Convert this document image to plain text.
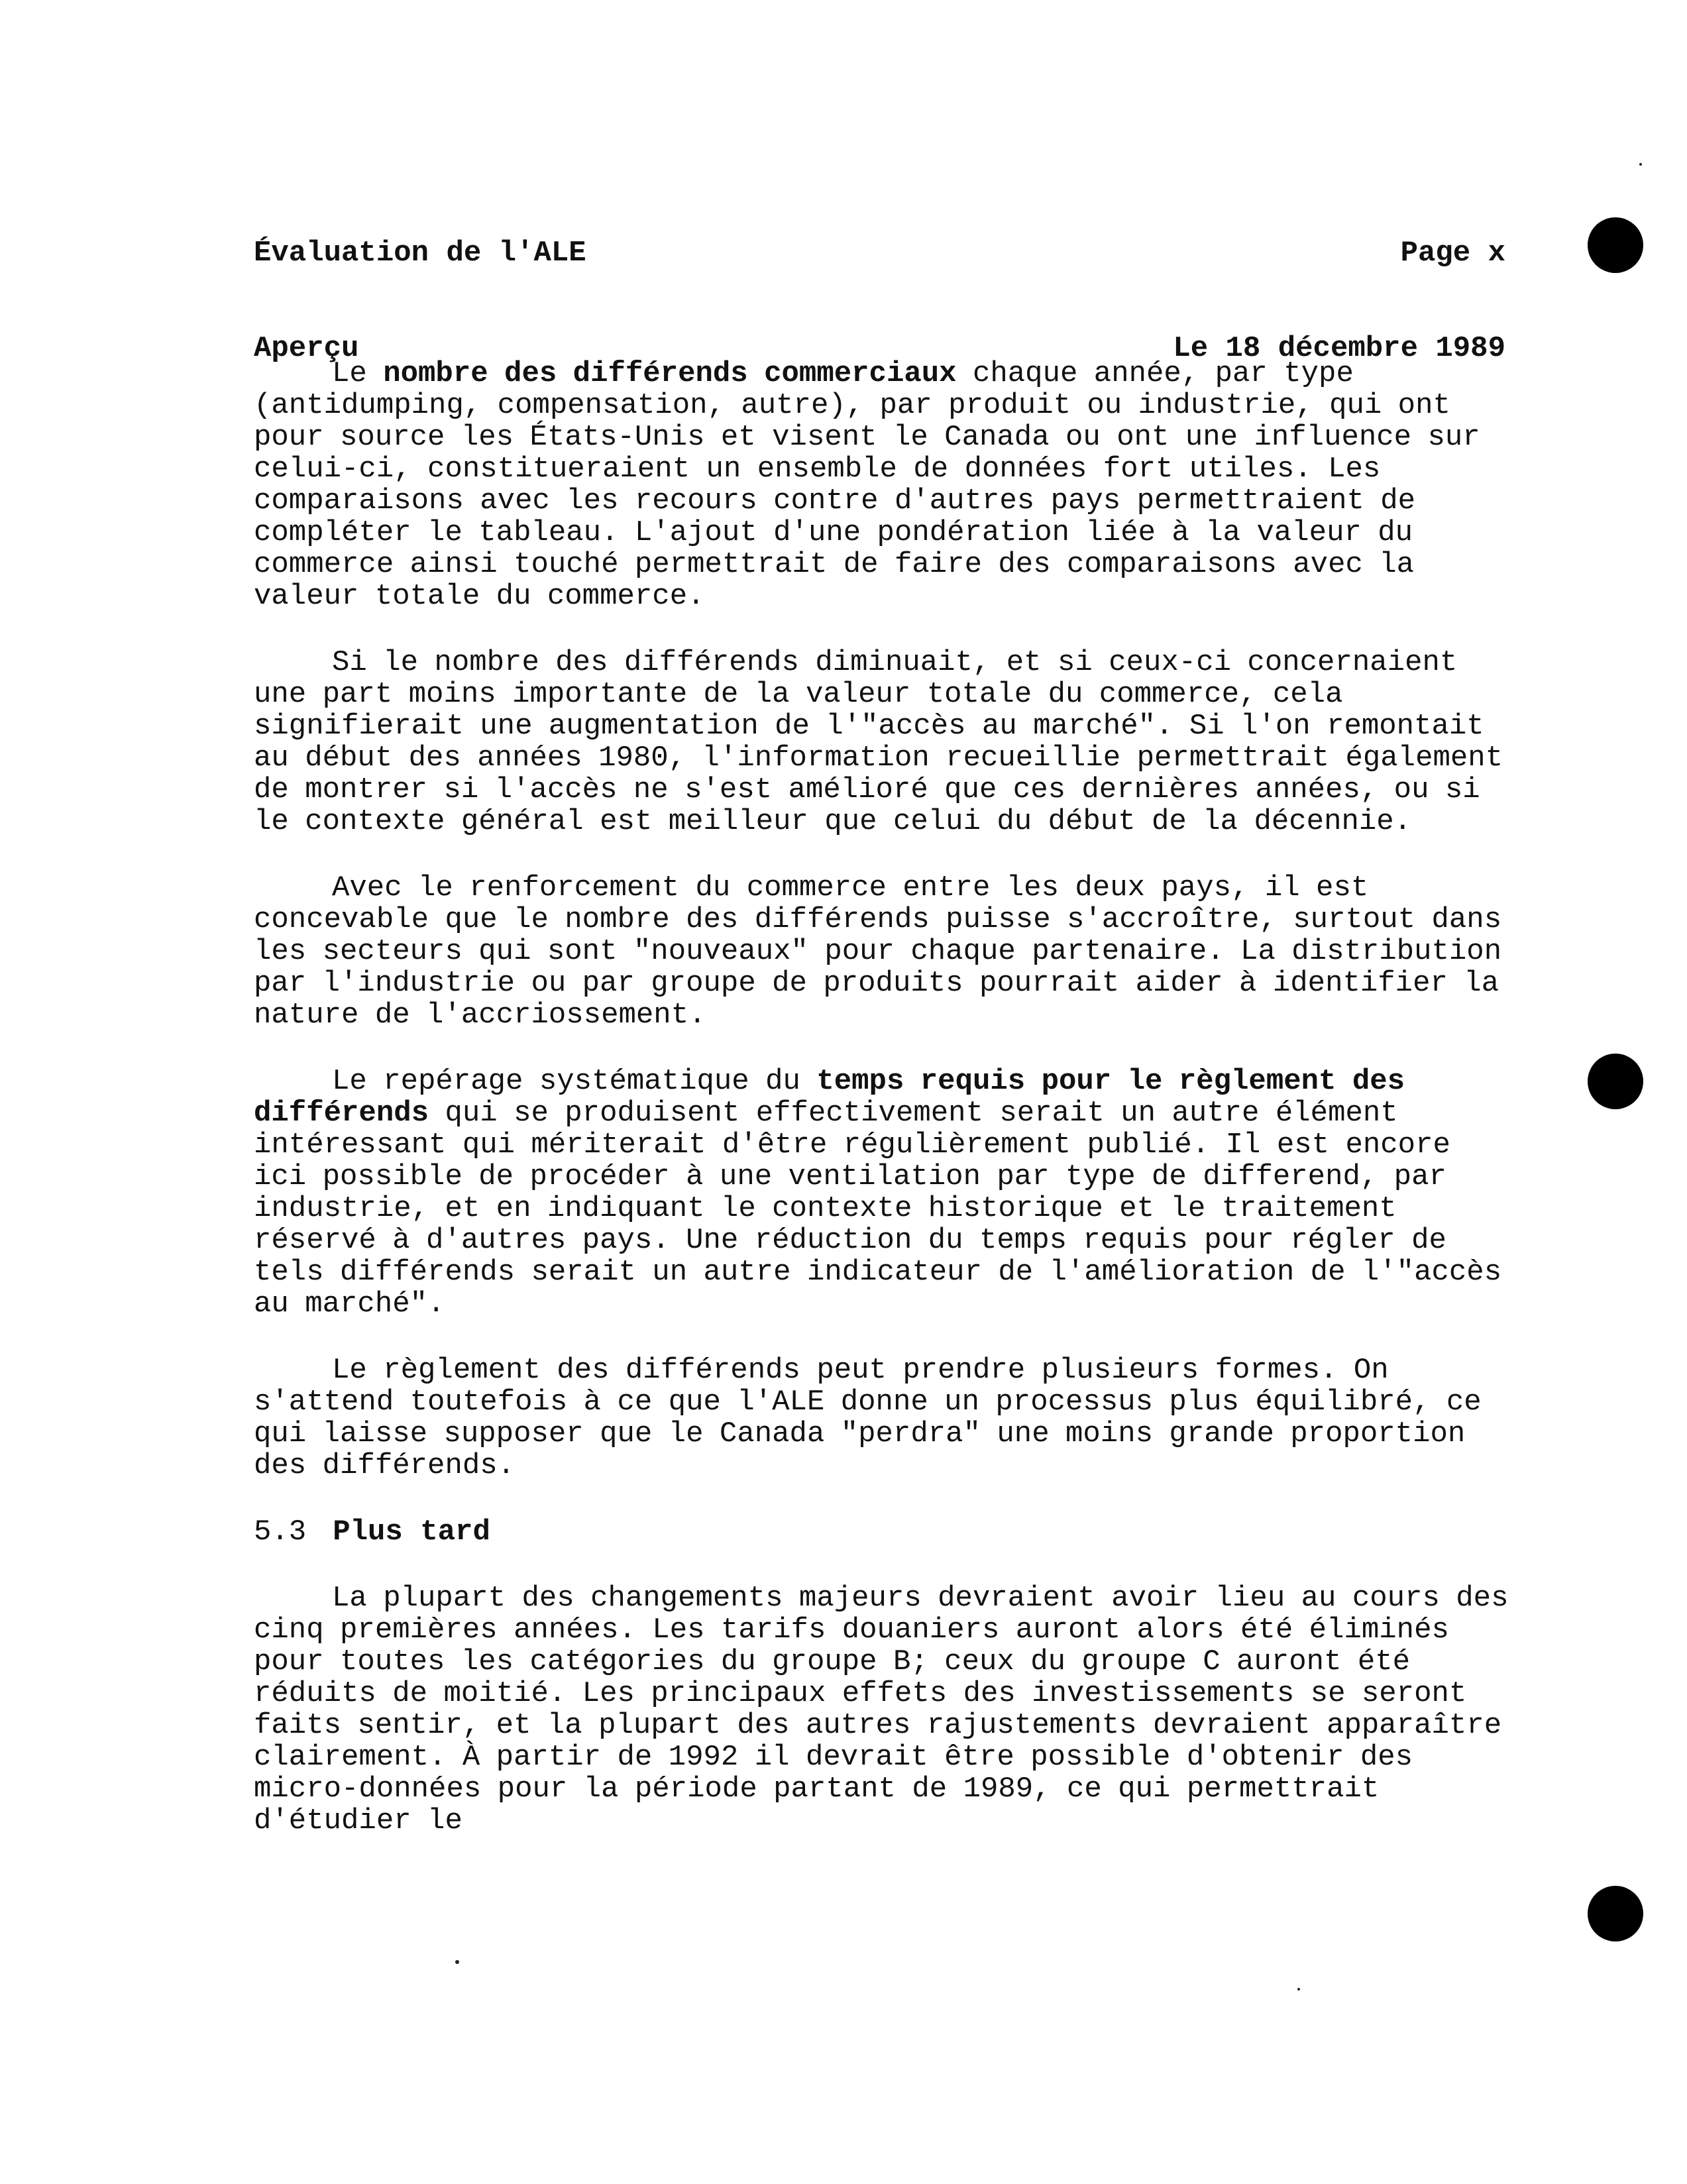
Évaluation de l'ALE

Aperçu

Page x

Le 18 décembre 1989

Le nombre des différends commerciaux chaque année, par type (antidumping, compensation, autre), par produit ou industrie, qui ont pour source les États-Unis et visent le Canada ou ont une influence sur celui-ci, constitueraient un ensemble de données fort utiles. Les comparaisons avec les recours contre d'autres pays permettraient de compléter le tableau. L'ajout d'une pondération liée à la valeur du commerce ainsi touché permettrait de faire des comparaisons avec la valeur totale du commerce.

Si le nombre des différends diminuait, et si ceux-ci concernaient une part moins importante de la valeur totale du commerce, cela signifierait une augmentation de l'"accès au marché". Si l'on remontait au début des années 1980, l'information recueillie permettrait également de montrer si l'accès ne s'est amélioré que ces dernières années, ou si le contexte général est meilleur que celui du début de la décennie.

Avec le renforcement du commerce entre les deux pays, il est concevable que le nombre des différends puisse s'accroître, surtout dans les secteurs qui sont "nouveaux" pour chaque partenaire. La distribution par l'industrie ou par groupe de produits pourrait aider à identifier la nature de l'accriossement.

Le repérage systématique du temps requis pour le règlement des différends qui se produisent effectivement serait un autre élément intéressant qui mériterait d'être régulièrement publié. Il est encore ici possible de procéder à une ventilation par type de differend, par industrie, et en indiquant le contexte historique et le traitement réservé à d'autres pays. Une réduction du temps requis pour régler de tels différends serait un autre indicateur de l'amélioration de l'"accès au marché".

Le règlement des différends peut prendre plusieurs formes. On s'attend toutefois à ce que l'ALE donne un processus plus équilibré, ce qui laisse supposer que le Canada "perdra" une moins grande proportion des différends.

5.3 Plus tard

La plupart des changements majeurs devraient avoir lieu au cours des cinq premières années. Les tarifs douaniers auront alors été éliminés pour toutes les catégories du groupe B; ceux du groupe C auront été réduits de moitié. Les principaux effets des investissements se seront faits sentir, et la plupart des autres rajustements devraient apparaître clairement. À partir de 1992 il devrait être possible d'obtenir des micro-données pour la période partant de 1989, ce qui permettrait d'étudier le
